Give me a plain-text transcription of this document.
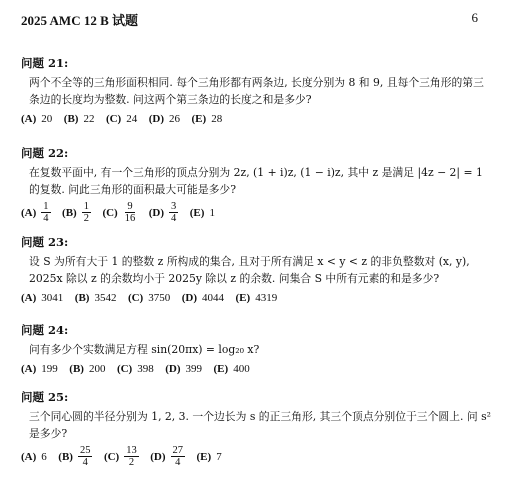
2025 AMC 12 B 试题	6
问题 21:
两个不全等的三角形面积相同. 每个三角形都有两条边, 长度分别为 8 和 9, 且每个三角形的第三条边的长度均为整数. 问这两个第三条边的长度之和是多少?
(A) 20 (B) 22 (C) 24 (D) 26 (E) 28
问题 22:
在复数平面中, 有一个三角形的顶点分别为 2z, (1 + i)z, (1 − i)z, 其中 z 是满足 |4z − 2| = 1 的复数. 问此三角形的面积最大可能是多少?
$(A) \frac{1}{4} (B) \frac{1}{2} (C) \frac{9}{16} (D) \frac{3}{4} (E)$ 1
问题 23:
设 S 为所有大于 1 的整数 z 所构成的集合, 且对于所有满足 x < y < z 的非负整数对 (x, y), 2025x 除以 z 的余数均小于 2025y 除以 z 的余数. 问集合 S 中所有元素的和是多少?
(A) 3041 (B) 3542 (C) 3750 (D) 4044 (E) 4319
问题 24:
问有多少个实数满足方程 sin(20πx) = log₂₀ x?
(A) 199 (B) 200 (C) 398 (D) 399 (E) 400
问题 25:
三个同心圆的半径分别为 1, 2, 3. 一个边长为 s 的正三角形, 其三个顶点分别位于三个圆上. 问 s² 是多少?
(A) 6 $(B) \frac{25}{4} (C) \frac{13}{2} (D) \frac{27}{4} (E)$ 7
